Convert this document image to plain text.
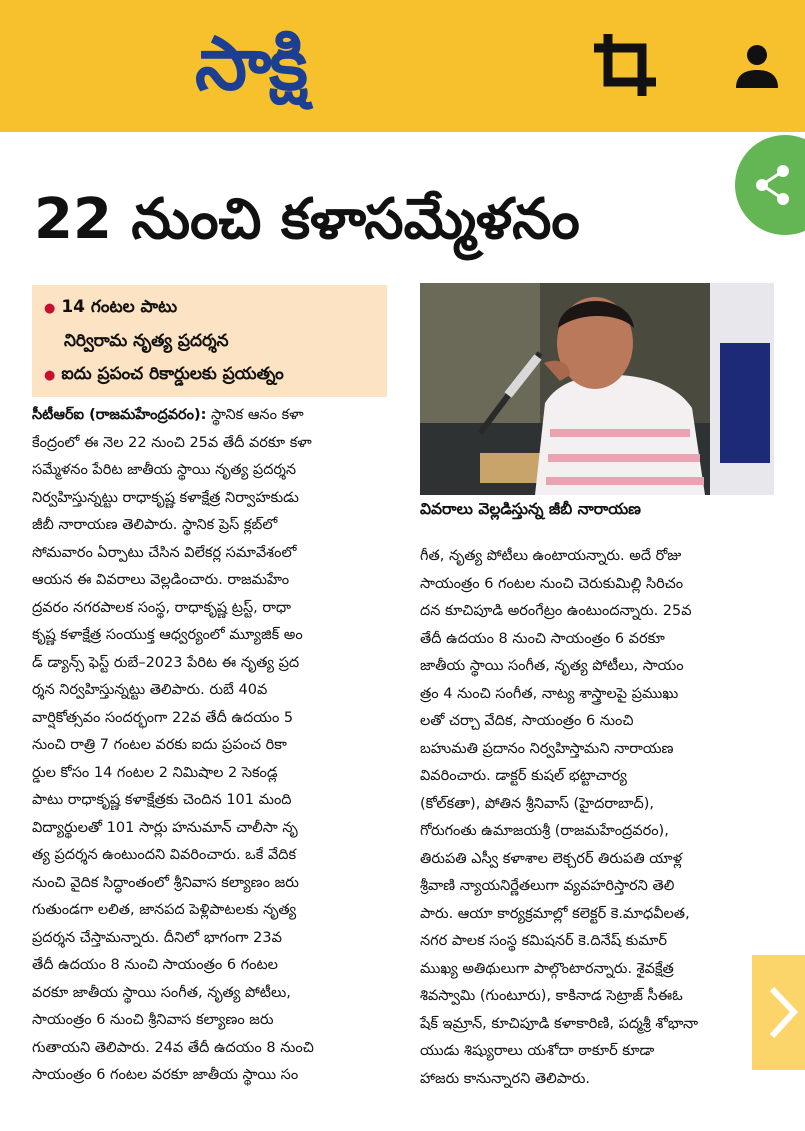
సాక్షి
22 నుంచి కళాసమ్మేళనం
● 14 గంటల పాటు
నిర్విరామ నృత్య ప్రదర్శన
● ఐదు ప్రపంచ రికార్డులకు ప్రయత్నం
వివరాలు వెల్లడిస్తున్న జీబీ నారాయణ
సీటీఆర్‌ఐ (రాజమహేంద్రవరం): స్థానిక ఆనం కళా
కేంద్రంలో ఈ నెల 22 నుంచి 25వ తేదీ వరకూ కళా
సమ్మేళనం పేరిట జాతీయ స్థాయి నృత్య ప్రదర్శన
నిర్వహిస్తున్నట్టు రాధాకృష్ణ కళాక్షేత్ర నిర్వాహకుడు
జీబీ నారాయణ తెలిపారు. స్థానిక ప్రెస్ క్లబ్‌లో
సోమవారం ఏర్పాటు చేసిన విలేకర్ల సమావేశంలో
ఆయన ఈ వివరాలు వెల్లడించారు. రాజమహేం
ద్రవరం నగరపాలక సంస్థ, రాధాకృష్ణ ట్రస్ట్, రాధా
కృష్ణ కళాక్షేత్ర సంయుక్త ఆధ్వర్యంలో మ్యూజిక్ అం
డ్ డ్యాన్స్ ఫెస్ట్ రుబే–2023 పేరిట ఈ నృత్య ప్రద
ర్శన నిర్వహిస్తున్నట్టు తెలిపారు. రుబే 40వ
వార్షికోత్సవం సందర్భంగా 22వ తేదీ ఉదయం 5
నుంచి రాత్రి 7 గంటల వరకు ఐదు ప్రపంచ రికా
ర్డుల కోసం 14 గంటల 2 నిమిషాల 2 సెకండ్ల
పాటు రాధాకృష్ణ కళాక్షేత్రకు చెందిన 101 మంది
విద్యార్థులతో 101 సార్లు హనుమాన్ చాలీసా నృ
త్య ప్రదర్శన ఉంటుందని వివరించారు. ఒకే వేదిక
నుంచి వైదిక సిద్ధాంతంలో శ్రీనివాస కల్యాణం జరు
గుతుండగా లలిత, జానపద పెళ్లిపాటలకు నృత్య
ప్రదర్శన చేస్తామన్నారు. దీనిలో భాగంగా 23వ
తేదీ ఉదయం 8 నుంచి సాయంత్రం 6 గంటల
వరకూ జాతీయ స్థాయి సంగీత, నృత్య పోటీలు,
సాయంత్రం 6 నుంచి శ్రీనివాస కల్యాణం జరు
గుతాయని తెలిపారు. 24వ తేదీ ఉదయం 8 నుంచి
సాయంత్రం 6 గంటల వరకూ జాతీయ స్థాయి సం
గీత, నృత్య పోటీలు ఉంటాయన్నారు. అదే రోజు
సాయంత్రం 6 గంటల నుంచి చెరుకుమిల్లి సిరిచం
దన కూచిపూడి అరంగేట్రం ఉంటుందన్నారు. 25వ
తేదీ ఉదయం 8 నుంచి సాయంత్రం 6 వరకూ
జాతీయ స్థాయి సంగీత, నృత్య పోటీలు, సాయం
త్రం 4 నుంచి సంగీత, నాట్య శాస్త్రాలపై ప్రముఖు
లతో చర్చా వేదిక, సాయంత్రం 6 నుంచి
బహుమతి ప్రదానం నిర్వహిస్తామని నారాయణ
వివరించారు. డాక్టర్ కుషల్ భట్టాచార్య
(కోల్‌కతా), పోతిన శ్రీనివాస్ (హైదరాబాద్),
గోరుగంతు ఉమాజయశ్రీ (రాజమహేంద్రవరం),
తిరుపతి ఎస్వీ కళాశాల లెక్చరర్ తిరుపతి యాళ్ల
శ్రీవాణి న్యాయనిర్ణేతలుగా వ్యవహరిస్తారని తెలి
పారు. ఆయా కార్యక్రమాల్లో కలెక్టర్ కె.మాధవీలత,
నగర పాలక సంస్థ కమిషనర్ కె.దినేష్ కుమార్
ముఖ్య అతిథులుగా పాల్గొంటారన్నారు. శైవక్షేత్ర
శివస్వామి (గుంటూరు), కాకినాడ సెట్రాజ్ సీఈఓ
షేక్ ఇమ్రాన్, కూచిపూడి కళాకారిణి, పద్మశ్రీ శోభానా
యుడు శిష్యురాలు యశోదా ఠాకూర్ కూడా
హాజరు కానున్నారని తెలిపారు.
